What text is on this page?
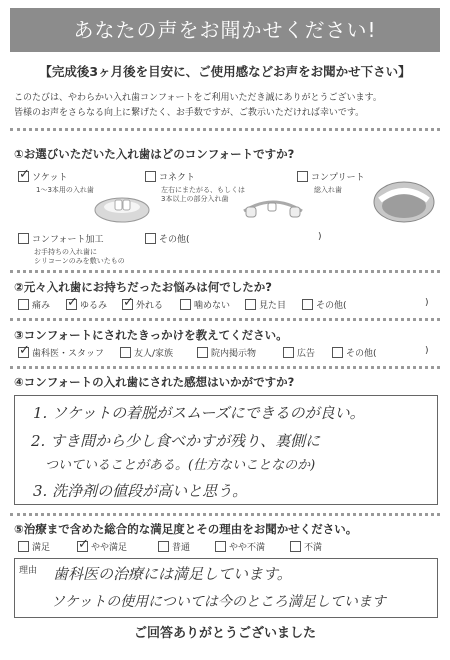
あなたの声をお聞かせください!
【完成後3ヶ月後を目安に、ご使用感などお声をお聞かせ下さい】
このたびは、やわらかい入れ歯コンフォートをご利用いただき誠にありがとうございます。
皆様のお声をさらなる向上に繋げたく、お手数ですが、ご教示いただければ幸いです。
①お選びいただいた入れ歯はどのコンフォートですか?
✓
ソケット
1～3本用の入れ歯
コネクト
左右にまたがる、もしくは
3本以上の部分入れ歯
コンプリート
総入れ歯
コンフォート加工
お手持ちの入れ歯に
シリコーンのみを敷いたもの
その他(	)
②元々入れ歯にお持ちだったお悩みは何でしたか?
痛み ✓	ゆるみ ✓	外れる	噛めない	見た目	その他(	)
③コンフォートにされたきっかけを教えてください。
✓
歯科医・スタッフ	友人/家族	院内掲示物	広告	その他(	)
④コンフォートの入れ歯にされた感想はいかがですか?
1. ソケットの着脱がスムーズにできるのが良い。
2. すき間から少し食べかすが残り、裏側に
ついていることがある。(仕方ないことなのか)
3. 洗浄剤の値段が高いと思う。
⑤治療まで含めた総合的な満足度とその理由をお聞かせください。
満足 ✓	やや満足	普通	やや不満	不満
理由 歯科医の治療には満足しています。
ソケットの使用については今のところ満足しています
ご回答ありがとうございました
